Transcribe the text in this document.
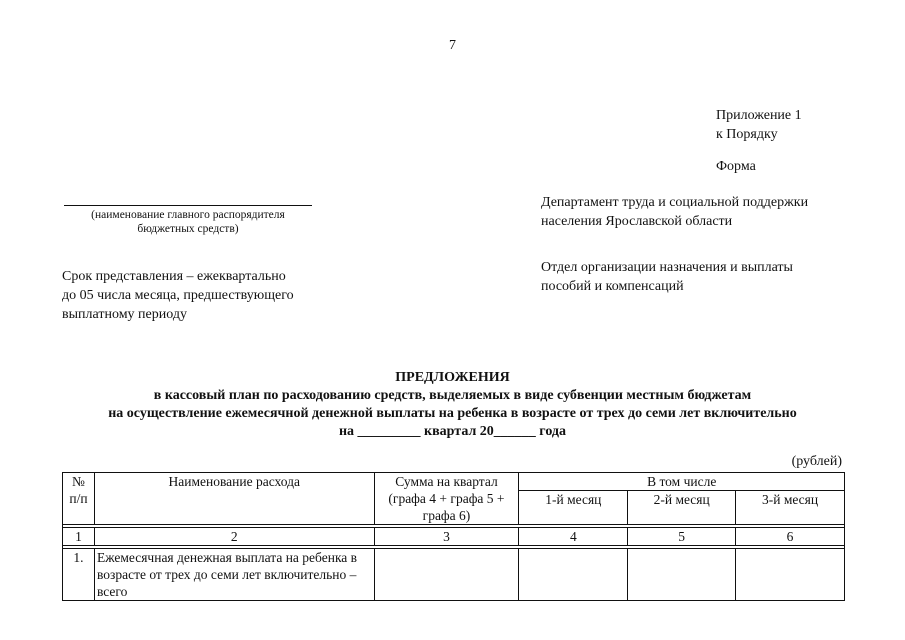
7
Приложение 1
к Порядку
Форма
(наименование главного распорядителя
бюджетных средств)
Департамент труда и социальной поддержки
населения Ярославской области
Срок представления – ежеквартально
до 05 числа месяца, предшествующего
выплатному периоду
Отдел организации назначения и выплаты
пособий и компенсаций
ПРЕДЛОЖЕНИЯ
в кассовый план по расходованию средств, выделяемых в виде субвенции местным бюджетам
на осуществление ежемесячной денежной выплаты на ребенка в возрасте от трех до семи лет включительно
на _________ квартал 20______ года
(рублей)
№
п/п	Наименование расхода	Сумма на квартал (графа 4 + графа 5 + графа 6)	В том числе		
			1-й месяц	2-й месяц	3-й месяц

1	2	3	4	5	6

1.	Ежемесячная денежная выплата на ребенка в возрасте от трех до семи лет включительно – всего				
